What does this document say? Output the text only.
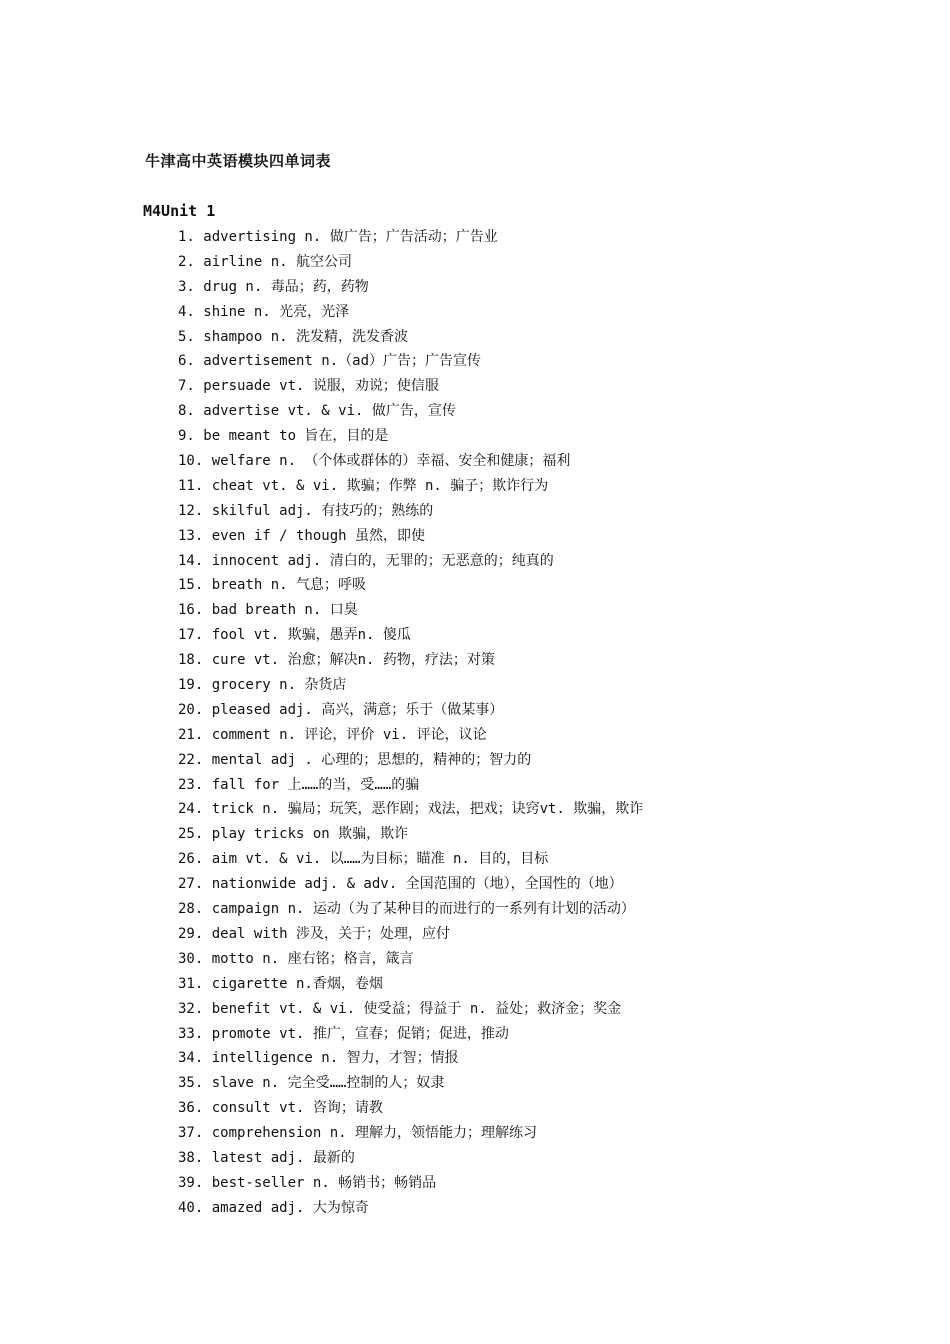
牛津高中英语模块四单词表
M4Unit 1
1. advertising n. 做广告；广告活动；广告业
2. airline n. 航空公司
3. drug n. 毒品；药，药物
4. shine n. 光亮，光泽
5. shampoo n. 洗发精，洗发香波
6. advertisement n.（ad）广告；广告宣传
7. persuade vt. 说服，劝说；使信服
8. advertise vt. & vi. 做广告，宣传
9. be meant to 旨在，目的是
10. welfare n. （个体或群体的）幸福、安全和健康；福利
11. cheat vt. & vi. 欺骗；作弊 n. 骗子；欺诈行为
12. skilful adj. 有技巧的；熟练的
13. even if / though 虽然，即使
14. innocent adj. 清白的，无罪的；无恶意的；纯真的
15. breath n. 气息；呼吸
16. bad breath n. 口臭
17. fool vt. 欺骗，愚弄n. 傻瓜
18. cure vt. 治愈；解决n. 药物，疗法；对策
19. grocery n. 杂货店
20. pleased adj. 高兴，满意；乐于（做某事）
21. comment n. 评论，评价 vi. 评论，议论
22. mental adj . 心理的；思想的，精神的；智力的
23. fall for 上……的当，受……的骗
24. trick n. 骗局；玩笑，恶作剧；戏法，把戏；诀窍vt. 欺骗，欺诈
25. play tricks on 欺骗，欺诈
26. aim vt. & vi. 以……为目标；瞄准 n. 目的，目标
27. nationwide adj. & adv. 全国范围的（地），全国性的（地）
28. campaign n. 运动（为了某种目的而进行的一系列有计划的活动）
29. deal with 涉及，关于；处理，应付
30. motto n. 座右铭；格言，箴言
31. cigarette n.香烟，卷烟
32. benefit vt. & vi. 使受益；得益于 n. 益处；救济金；奖金
33. promote vt. 推广，宣春；促销；促进，推动
34. intelligence n. 智力，才智；情报
35. slave n. 完全受……控制的人；奴隶
36. consult vt. 咨询；请教
37. comprehension n. 理解力，领悟能力；理解练习
38. latest adj. 最新的
39. best-seller n. 畅销书；畅销品
40. amazed adj. 大为惊奇
